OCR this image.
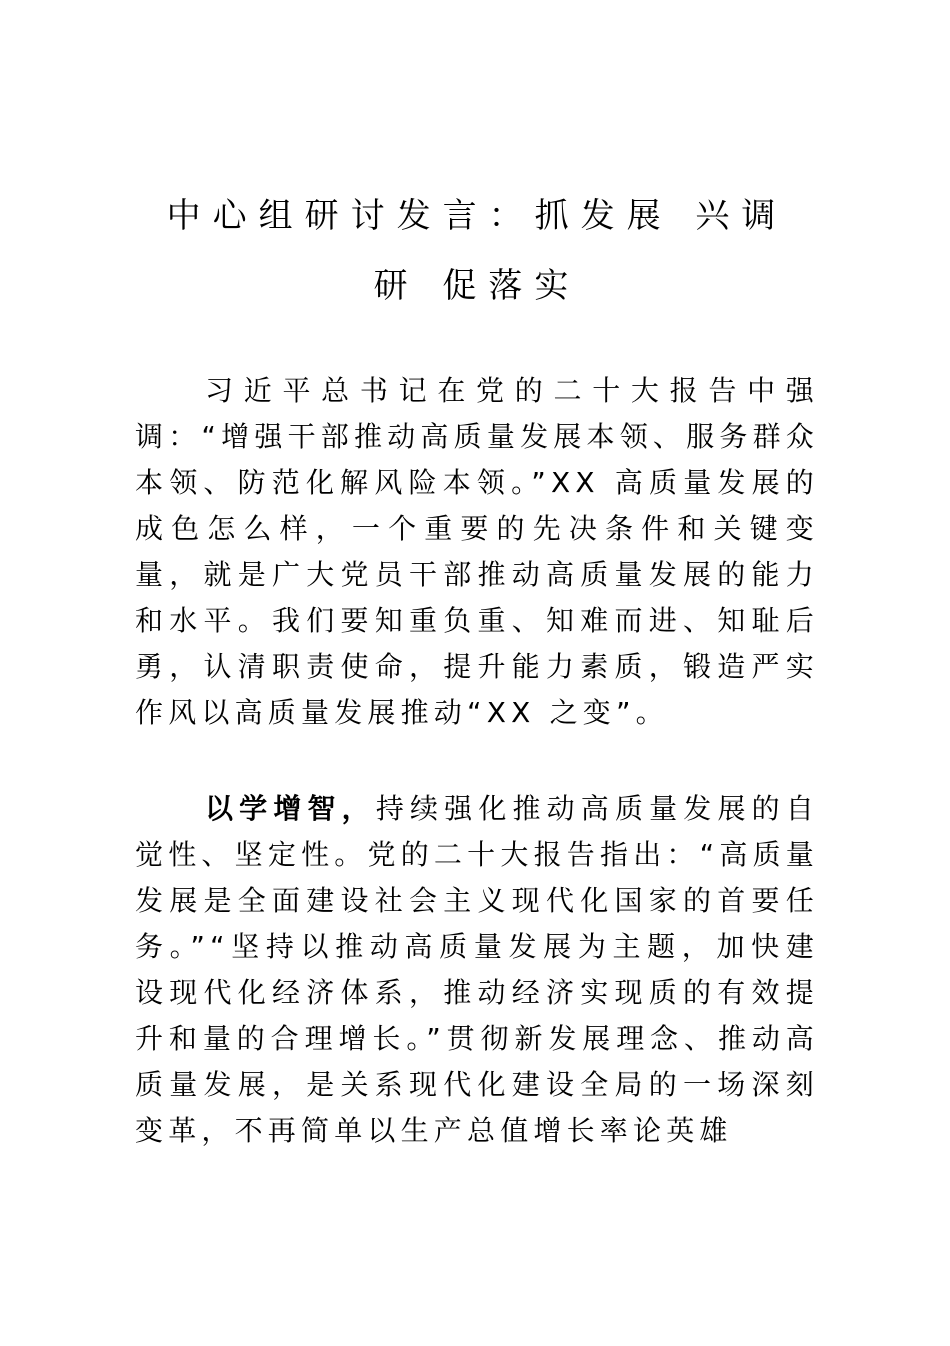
中心组研讨发言：抓发展 兴调
研 促落实

习近平总书记在党的二十大报告中强调：“增强干部推动高质量发展本领、服务群众本领、防范化解风险本领。”XX 高质量发展的成色怎么样，一个重要的先决条件和关键变量，就是广大党员干部推动高质量发展的能力和水平。我们要知重负重、知难而进、知耻后勇，认清职责使命，提升能力素质，锻造严实作风以高质量发展推动“XX 之变”。

以学增智，持续强化推动高质量发展的自觉性、坚定性。党的二十大报告指出：“高质量发展是全面建设社会主义现代化国家的首要任务。”“坚持以推动高质量发展为主题，加快建设现代化经济体系，推动经济实现质的有效提升和量的合理增长。”贯彻新发展理念、推动高质量发展，是关系现代化建设全局的一场深刻变革，不再简单以生产总值增长率论英雄
